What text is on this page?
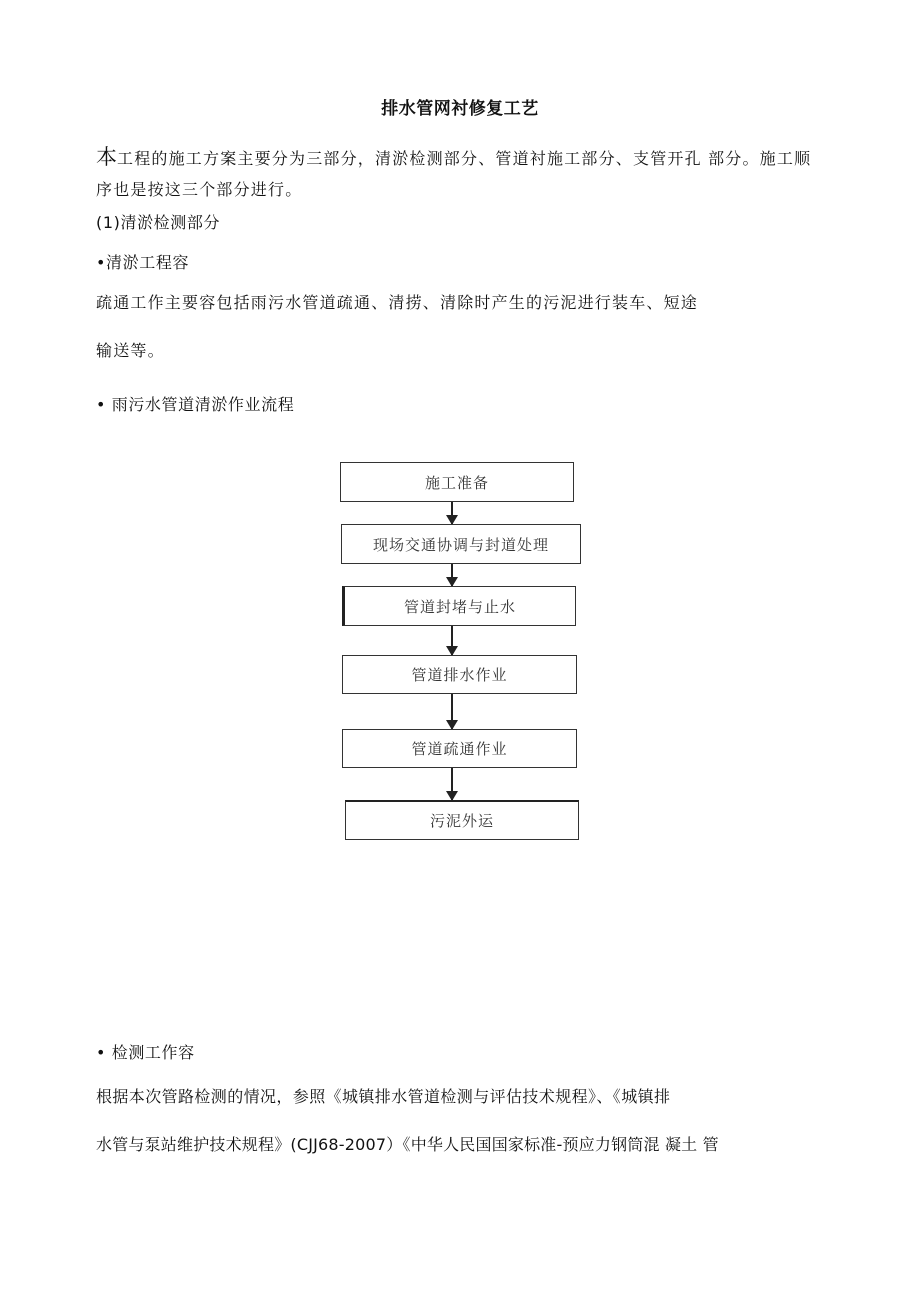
排水管网衬修复工艺
本工程的施工方案主要分为三部分，清淤检测部分、管道衬施工部分、支管开孔 部分。施工顺
序也是按这三个部分进行。
(1)清淤检测部分
•清淤工程容
疏通工作主要容包括雨污水管道疏通、清捞、清除时产生的污泥进行装车、短途
输送等。
• 雨污水管道清淤作业流程
施工准备
现场交通协调与封道处理
管道封堵与止水
管道排水作业
管道疏通作业
污泥外运
• 检测工作容
根据本次管路检测的情况，参照《城镇排水管道检测与评估技术规程》、《城镇排
水管与泵站维护技术规程》(CJJ68-2007）《中华人民国国家标准-预应力钢筒混 凝土 管
